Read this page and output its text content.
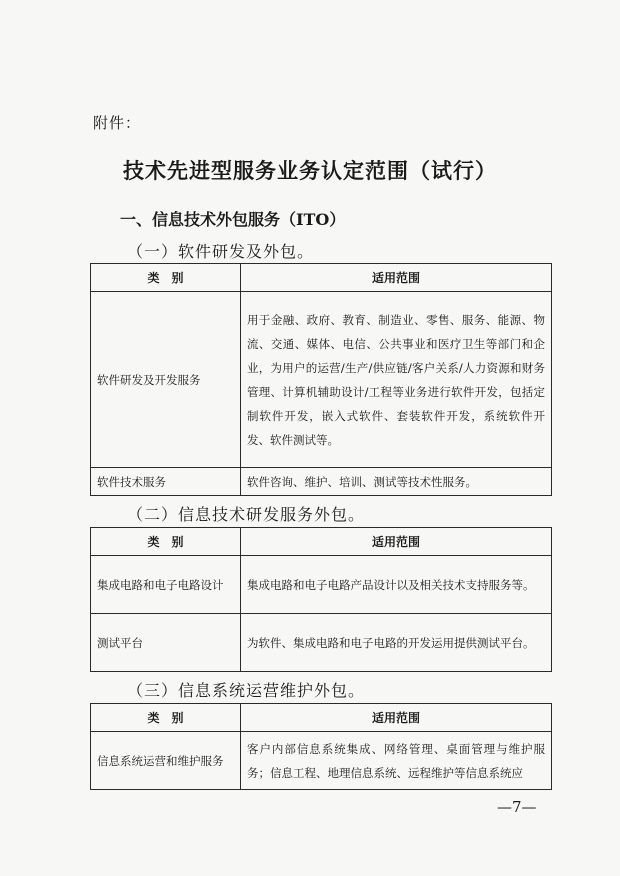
附件：
技术先进型服务业务认定范围（试行）
一、信息技术外包服务（ITO）
（一）软件研发及外包。
类　别	适用范围
软件研发及开发服务	用于金融、政府、教育、制造业、零售、服务、能源、物流、交通、媒体、电信、公共事业和医疗卫生等部门和企业，为用户的运营/生产/供应链/客户关系/人力资源和财务管理、计算机辅助设计/工程等业务进行软件开发，包括定制软件开发，嵌入式软件、套装软件开发，系统软件开发、软件测试等。
软件技术服务	软件咨询、维护、培训、测试等技术性服务。
（二）信息技术研发服务外包。
类　别	适用范围
集成电路和电子电路设计	集成电路和电子电路产品设计以及相关技术支持服务等。
测试平台	为软件、集成电路和电子电路的开发运用提供测试平台。
（三）信息系统运营维护外包。
类　别	适用范围
信息系统运营和维护服务	客户内部信息系统集成、网络管理、桌面管理与维护服务；信息工程、地理信息系统、远程维护等信息系统应
—7—
